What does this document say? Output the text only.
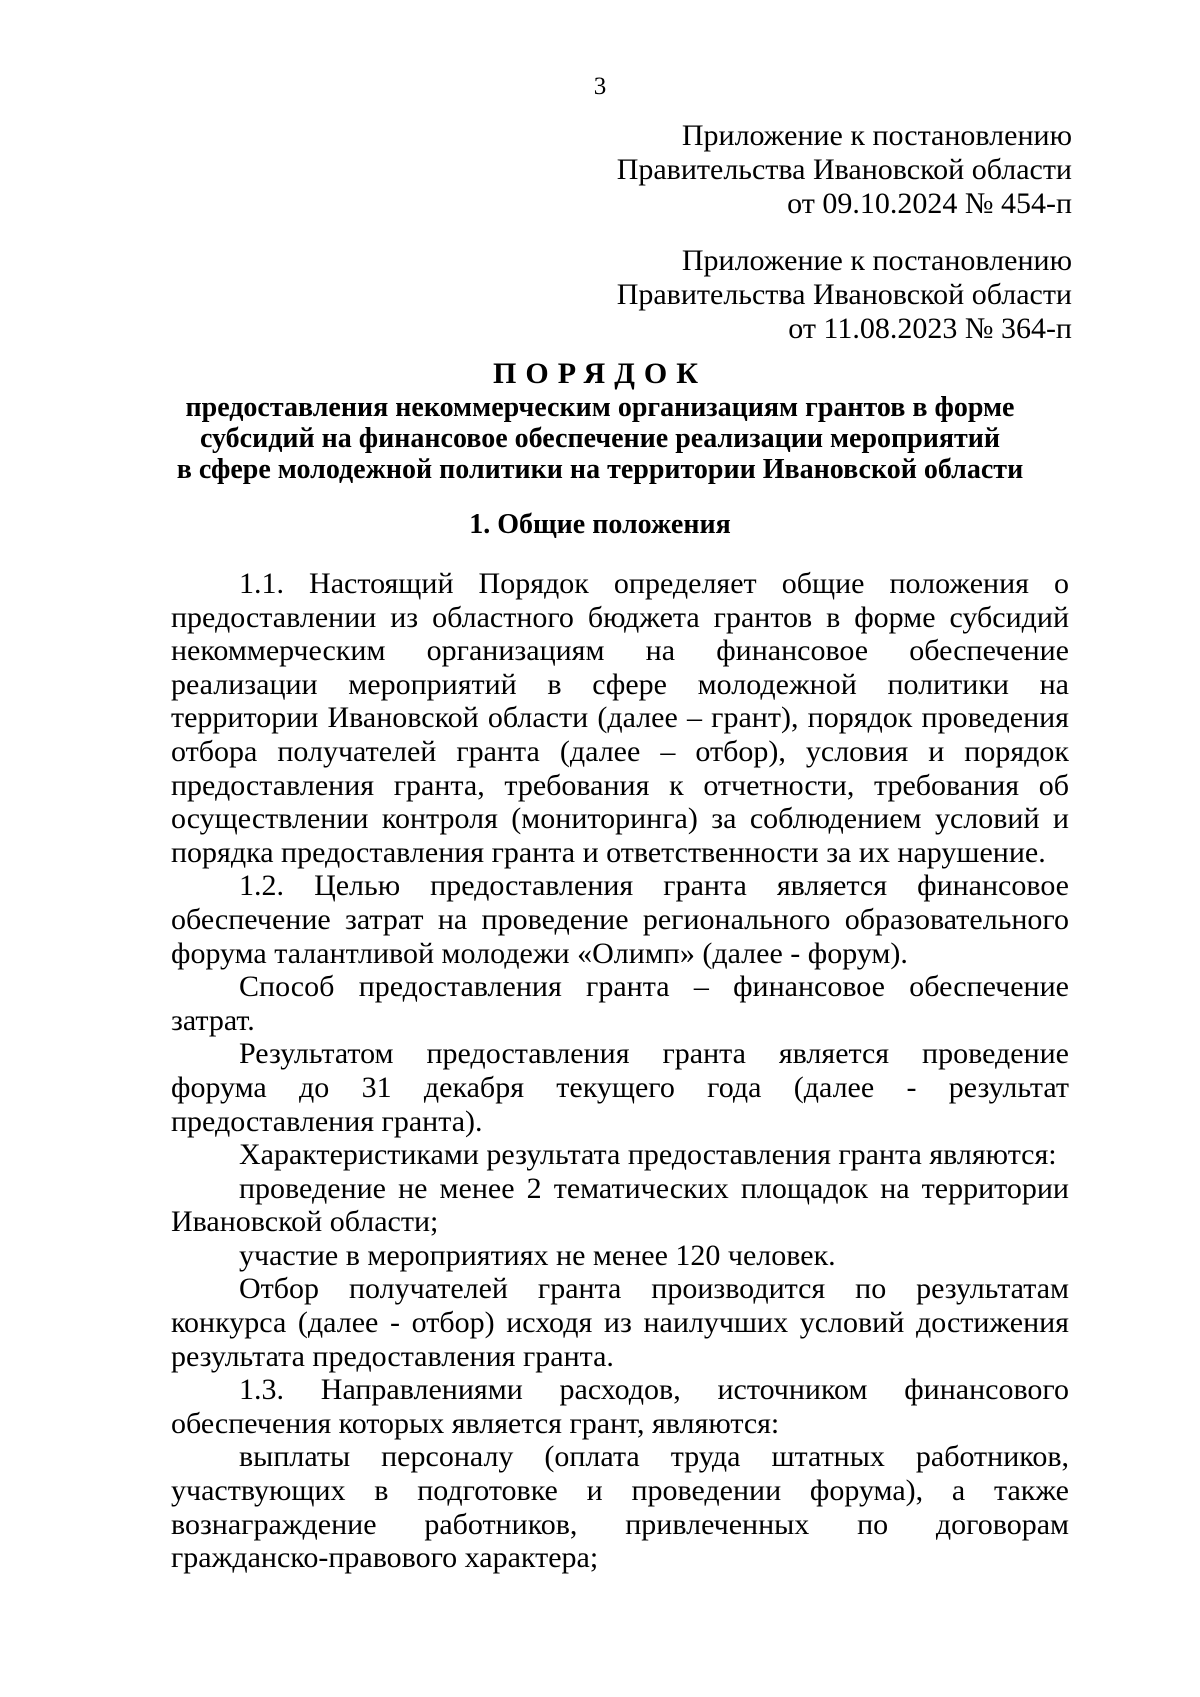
3
Приложение к постановлению
Правительства Ивановской области
от 09.10.2024 № 454-п
Приложение к постановлению
Правительства Ивановской области
от 11.08.2023 № 364-п
ПОРЯДОК
предоставления некоммерческим организациям грантов в форме
субсидий на финансовое обеспечение реализации мероприятий
в сфере молодежной политики на территории Ивановской области
1. Общие положения

1.1. Настоящий Порядок определяет общие положения о предоставлении из областного бюджета грантов в форме субсидий некоммерческим организациям на финансовое обеспечение реализации мероприятий в сфере молодежной политики на территории Ивановской области (далее – грант), порядок проведения отбора получателей гранта (далее – отбор), условия и порядок предоставления гранта, требования к отчетности, требования об осуществлении контроля (мониторинга) за соблюдением условий и порядка предоставления гранта и ответственности за их нарушение.

1.2. Целью предоставления гранта является финансовое обеспечение затрат на проведение регионального образовательного форума талантливой молодежи «Олимп» (далее - форум).

Способ предоставления гранта – финансовое обеспечение затрат.

Результатом предоставления гранта является проведение форума до 31 декабря текущего года (далее - результат предоставления гранта).

Характеристиками результата предоставления гранта являются:

проведение не менее 2 тематических площадок на территории Ивановской области;

участие в мероприятиях не менее 120 человек.

Отбор получателей гранта производится по результатам конкурса (далее - отбор) исходя из наилучших условий достижения результата предоставления гранта.

1.3. Направлениями расходов, источником финансового обеспечения которых является грант, являются:

выплаты персоналу (оплата труда штатных работников, участвующих в подготовке и проведении форума), а также вознаграждение работников, привлеченных по договорам гражданско-правового характера;
